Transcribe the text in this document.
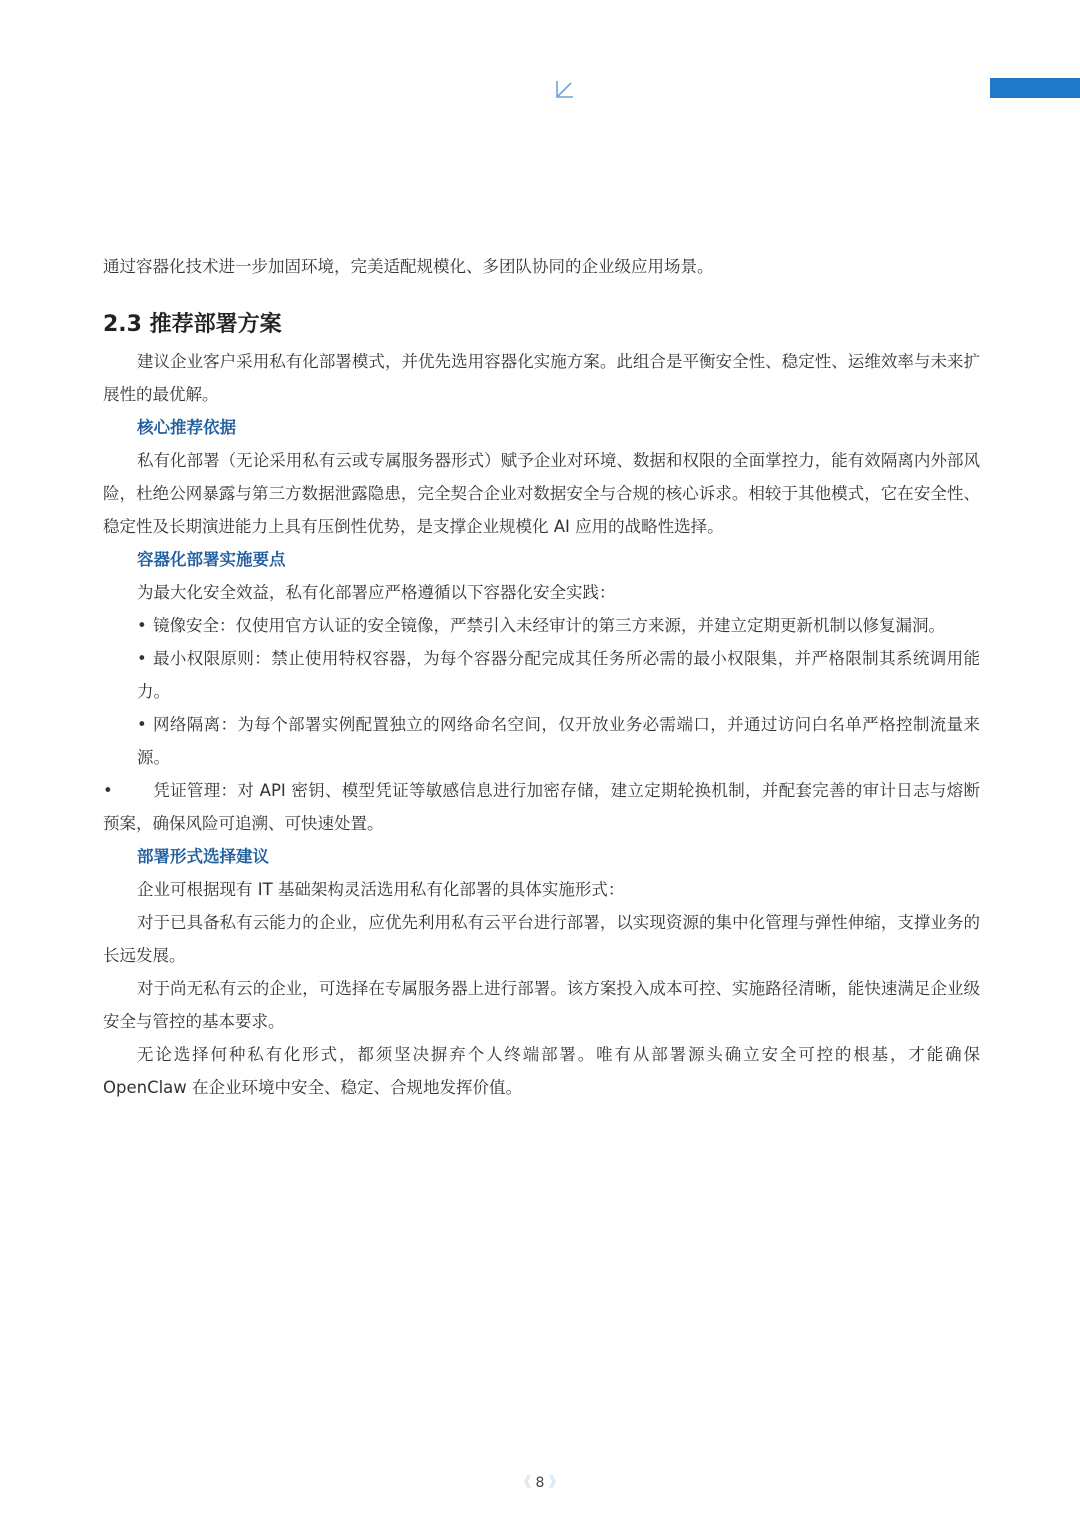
通过容器化技术进一步加固环境，完美适配规模化、多团队协同的企业级应用场景。

2.3 推荐部署方案

建议企业客户采用私有化部署模式，并优先选用容器化实施方案。此组合是平衡安全性、稳定性、运维效率与未来扩展性的最优解。

核心推荐依据

私有化部署（无论采用私有云或专属服务器形式）赋予企业对环境、数据和权限的全面掌控力，能有效隔离内外部风险，杜绝公网暴露与第三方数据泄露隐患，完全契合企业对数据安全与合规的核心诉求。相较于其他模式，它在安全性、稳定性及长期演进能力上具有压倒性优势，是支撑企业规模化 AI 应用的战略性选择。

容器化部署实施要点

为最大化安全效益，私有化部署应严格遵循以下容器化安全实践：

• 镜像安全：仅使用官方认证的安全镜像，严禁引入未经审计的第三方来源，并建立定期更新机制以修复漏洞。
• 最小权限原则：禁止使用特权容器，为每个容器分配完成其任务所必需的最小权限集，并严格限制其系统调用能力。
• 网络隔离：为每个部署实例配置独立的网络命名空间，仅开放业务必需端口，并通过访问白名单严格控制流量来源。
• 凭证管理：对 API 密钥、模型凭证等敏感信息进行加密存储，建立定期轮换机制，并配套完善的审计日志与熔断预案，确保风险可追溯、可快速处置。
部署形式选择建议

企业可根据现有 IT 基础架构灵活选用私有化部署的具体实施形式：

对于已具备私有云能力的企业，应优先利用私有云平台进行部署，以实现资源的集中化管理与弹性伸缩，支撑业务的长远发展。

对于尚无私有云的企业，可选择在专属服务器上进行部署。该方案投入成本可控、实施路径清晰，能快速满足企业级安全与管控的基本要求。

无论选择何种私有化形式，都须坚决摒弃个人终端部署。唯有从部署源头确立安全可控的根基，才能确保 OpenClaw 在企业环境中安全、稳定、合规地发挥价值。

《 8 》
